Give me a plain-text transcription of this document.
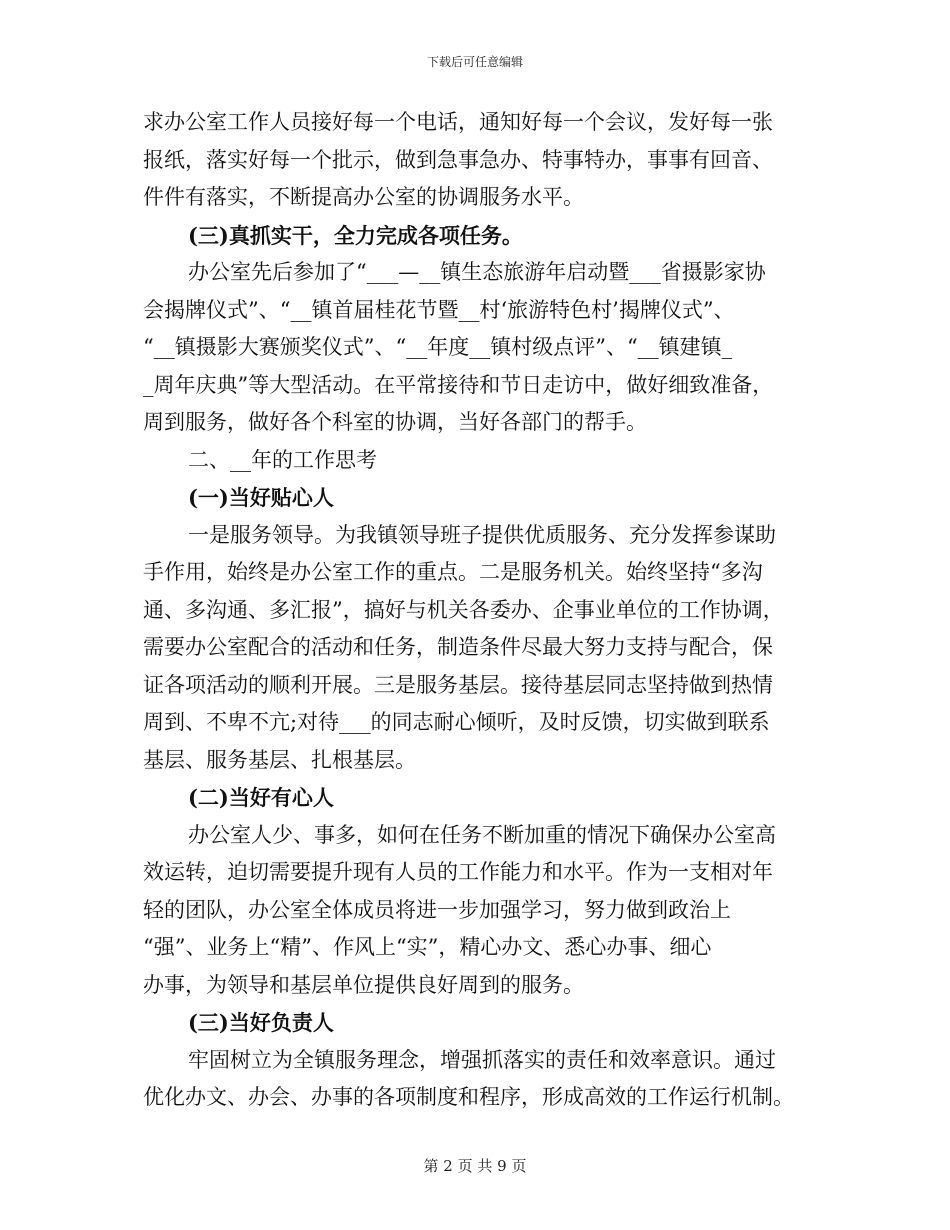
下载后可任意编辑
求办公室工作人员接好每一个电话，通知好每一个会议，发好每一张
报纸，落实好每一个批示，做到急事急办、特事特办，事事有回音、
件件有落实，不断提高办公室的协调服务水平。
(三)真抓实干，全力完成各项任务。
办公室先后参加了“___—__镇生态旅游年启动暨___省摄影家协
会揭牌仪式”、“__镇首届桂花节暨__村‘旅游特色村’揭牌仪式”、
“__镇摄影大赛颁奖仪式”、“__年度__镇村级点评”、“__镇建镇_
_周年庆典”等大型活动。在平常接待和节日走访中，做好细致准备，
周到服务，做好各个科室的协调，当好各部门的帮手。
二、__年的工作思考
(一)当好贴心人
一是服务领导。为我镇领导班子提供优质服务、充分发挥参谋助
手作用，始终是办公室工作的重点。二是服务机关。始终坚持“多沟
通、多沟通、多汇报”，搞好与机关各委办、企事业单位的工作协调，
需要办公室配合的活动和任务，制造条件尽最大努力支持与配合，保
证各项活动的顺利开展。三是服务基层。接待基层同志坚持做到热情
周到、不卑不亢;对待___的同志耐心倾听，及时反馈，切实做到联系
基层、服务基层、扎根基层。
(二)当好有心人
办公室人少、事多，如何在任务不断加重的情况下确保办公室高
效运转，迫切需要提升现有人员的工作能力和水平。作为一支相对年
轻的团队，办公室全体成员将进一步加强学习，努力做到政治上
“强”、业务上“精”、作风上“实”，精心办文、悉心办事、细心
办事，为领导和基层单位提供良好周到的服务。
(三)当好负责人
牢固树立为全镇服务理念，增强抓落实的责任和效率意识。通过
优化办文、办会、办事的各项制度和程序，形成高效的工作运行机制。
第 2 页 共 9 页
